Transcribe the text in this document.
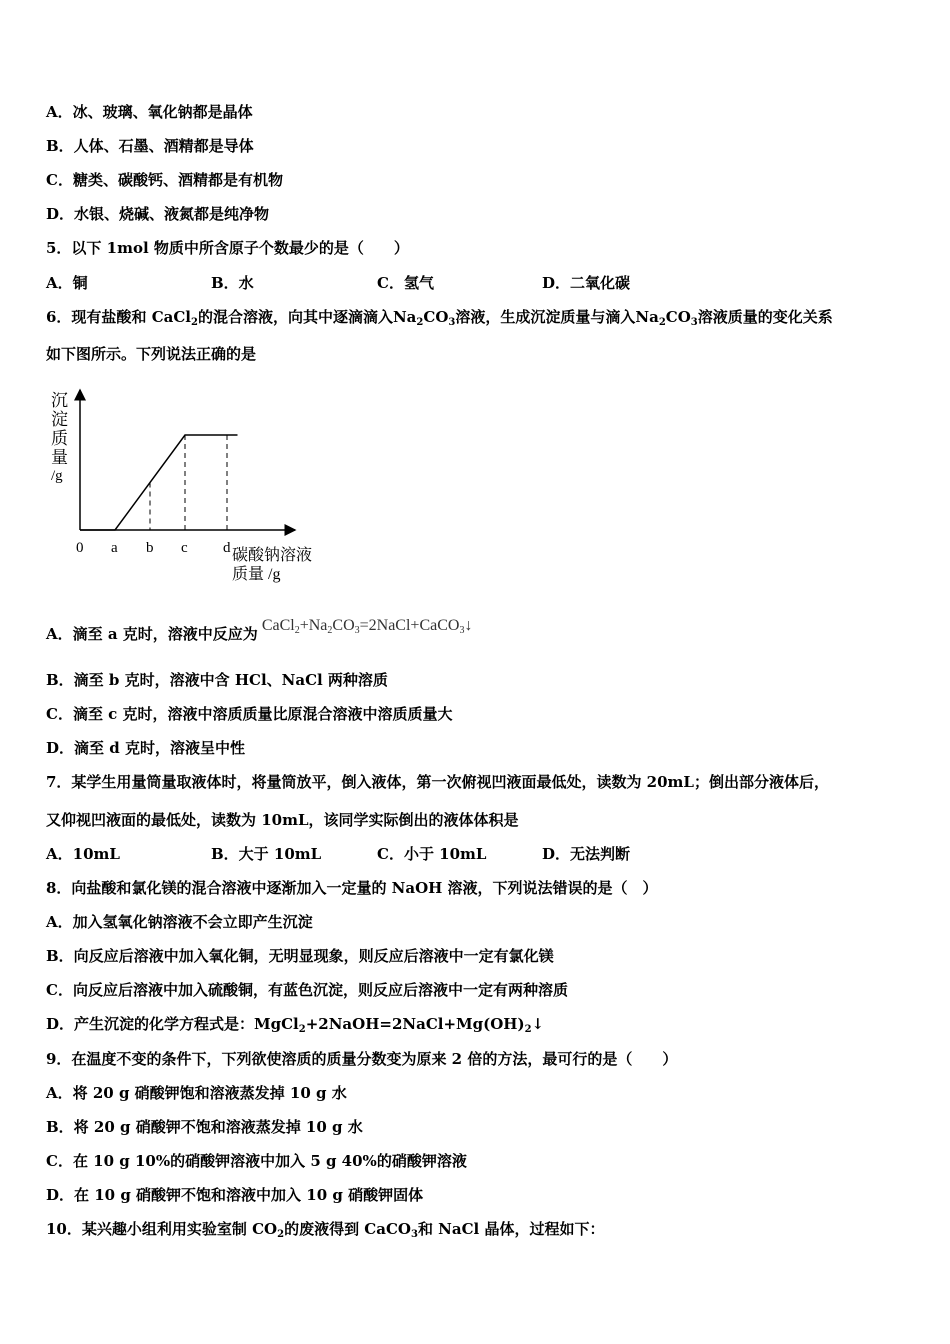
A．冰、玻璃、氧化钠都是晶体
B．人体、石墨、酒精都是导体
C．糖类、碳酸钙、酒精都是有机物
D．水银、烧碱、液氮都是纯净物
5．以下 1mol 物质中所含原子个数最少的是（　　）
A．铜	B．水	C．氢气	D．二氧化碳
6．现有盐酸和 CaCl$_2$的混合溶液，向其中逐滴滴入$Na_2CO_3$溶液，生成沉淀质量与滴入$Na_2CO_3$溶液质量的变化关系
如下图所示。下列说法正确的是
沉
淀
质
量
/g
0 a b c d 碳酸钠溶液
质量 /g
A．滴至 a 克时，溶液中反应为 $CaCl_2+Na_2CO_3=2NaCl+CaCO_3↓$
B．滴至 b 克时，溶液中含 HCl、NaCl 两种溶质
C．滴至 c 克时，溶液中溶质质量比原混合溶液中溶质质量大
D．滴至 d 克时，溶液呈中性
7．某学生用量筒量取液体时，将量筒放平，倒入液体，第一次俯视凹液面最低处，读数为 20mL；倒出部分液体后，
又仰视凹液面的最低处，读数为 10mL，该同学实际倒出的液体体积是
A．10mL	B．大于 10mL	C．小于 10mL	D．无法判断
8．向盐酸和氯化镁的混合溶液中逐渐加入一定量的 NaOH 溶液，下列说法错误的是（　）
A．加入氢氧化钠溶液不会立即产生沉淀
B．向反应后溶液中加入氧化铜，无明显现象，则反应后溶液中一定有氯化镁
C．向反应后溶液中加入硫酸铜，有蓝色沉淀，则反应后溶液中一定有两种溶质
D．产生沉淀的化学方程式是：$MgCl_2+2NaOH=2NaCl+Mg(OH)_2↓$
9．在温度不变的条件下，下列欲使溶质的质量分数变为原来 2 倍的方法，最可行的是（　　）
A．将 20 g 硝酸钾饱和溶液蒸发掉 10 g 水
B．将 20 g 硝酸钾不饱和溶液蒸发掉 10 g 水
C．在 10 g 10%的硝酸钾溶液中加入 5 g 40%的硝酸钾溶液
D．在 10 g 硝酸钾不饱和溶液中加入 10 g 硝酸钾固体
10．某兴趣小组利用实验室制 $CO_2$的废液得到 CaCO$_3$和 NaCl 晶体，过程如下：
